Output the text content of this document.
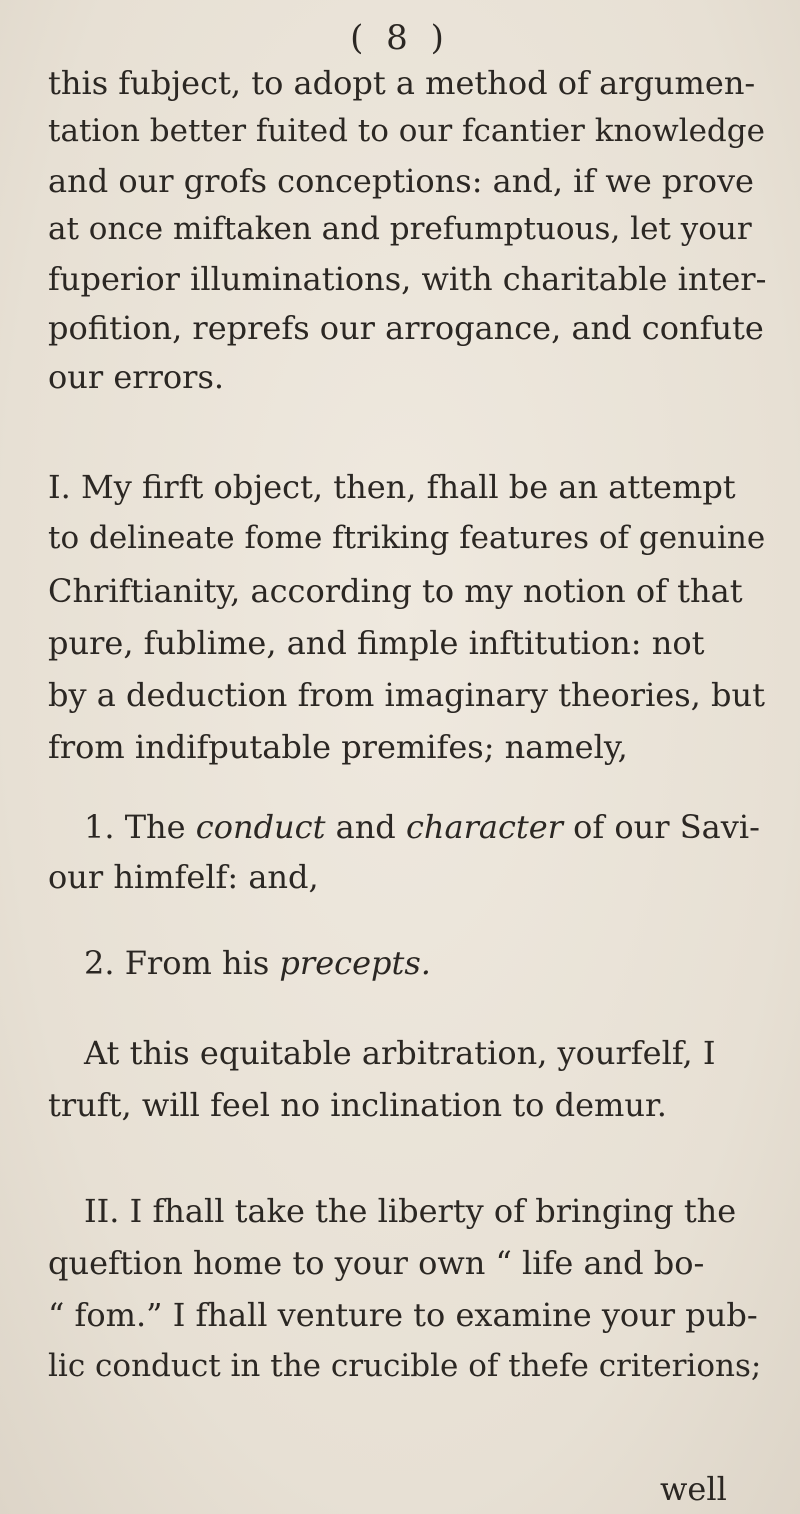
( 8 )
this fubject, to adopt a method of argumen-
tation better fuited to our fcantier knowledge
and our grofs conceptions: and, if we prove
at once miftaken and prefumptuous, let your
fuperior illuminations, with charitable inter-
pofition, reprefs our arrogance, and confute
our errors.
I. My firft object, then, fhall be an attempt
to delineate fome ftriking features of genuine
Chriftianity, according to my notion of that
pure, fublime, and fimple inftitution: not
by a deduction from imaginary theories, but
from indifputable premifes; namely,
1. The conduct and character of our Savi-
our himfelf: and,
2. From his precepts.
At this equitable arbitration, yourfelf, I
truft, will feel no inclination to demur.
II. I fhall take the liberty of bringing the
queftion home to your own “ life and bo-
“ fom.” I fhall venture to examine your pub-
lic conduct in the crucible of thefe criterions;
well
